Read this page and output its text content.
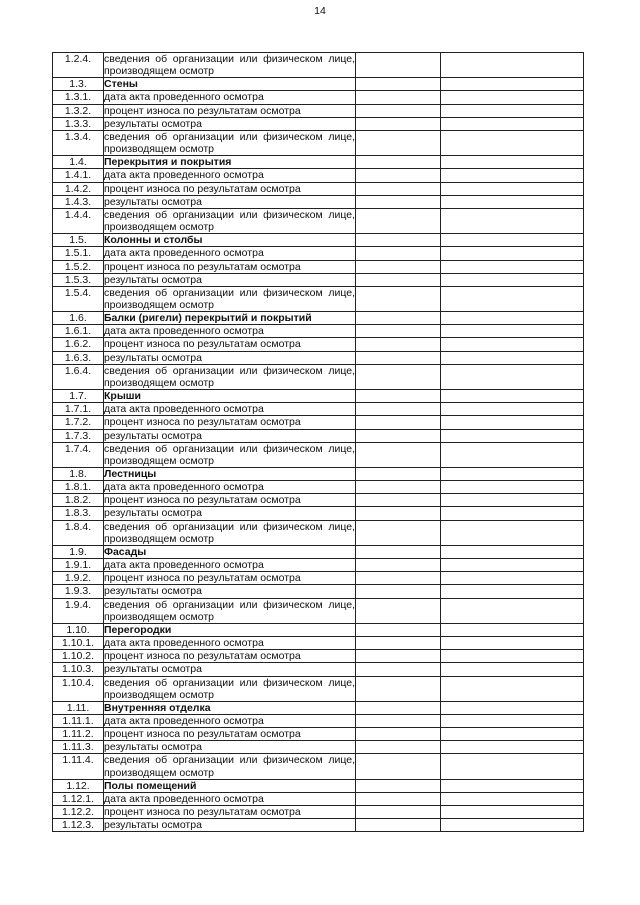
14
1.2.4.	сведения об организации или физическом лице, производящем осмотр		
1.3.	Стены		
1.3.1.	дата акта проведенного осмотра		
1.3.2.	процент износа по результатам осмотра		
1.3.3.	результаты осмотра		
1.3.4.	сведения об организации или физическом лице, производящем осмотр		
1.4.	Перекрытия и покрытия		
1.4.1.	дата акта проведенного осмотра		
1.4.2.	процент износа по результатам осмотра		
1.4.3.	результаты осмотра		
1.4.4.	сведения об организации или физическом лице, производящем осмотр		
1.5.	Колонны и столбы		
1.5.1.	дата акта проведенного осмотра		
1.5.2.	процент износа по результатам осмотра		
1.5.3.	результаты осмотра		
1.5.4.	сведения об организации или физическом лице, производящем осмотр		
1.6.	Балки (ригели) перекрытий и покрытий		
1.6.1.	дата акта проведенного осмотра		
1.6.2.	процент износа по результатам осмотра		
1.6.3.	результаты осмотра		
1.6.4.	сведения об организации или физическом лице, производящем осмотр		
1.7.	Крыши		
1.7.1.	дата акта проведенного осмотра		
1.7.2.	процент износа по результатам осмотра		
1.7.3.	результаты осмотра		
1.7.4.	сведения об организации или физическом лице, производящем осмотр		
1.8.	Лестницы		
1.8.1.	дата акта проведенного осмотра		
1.8.2.	процент износа по результатам осмотра		
1.8.3.	результаты осмотра		
1.8.4.	сведения об организации или физическом лице, производящем осмотр		
1.9.	Фасады		
1.9.1.	дата акта проведенного осмотра		
1.9.2.	процент износа по результатам осмотра		
1.9.3.	результаты осмотра		
1.9.4.	сведения об организации или физическом лице, производящем осмотр		
1.10.	Перегородки		
1.10.1.	дата акта проведенного осмотра		
1.10.2.	процент износа по результатам осмотра		
1.10.3.	результаты осмотра		
1.10.4.	сведения об организации или физическом лице, производящем осмотр		
1.11.	Внутренняя отделка		
1.11.1.	дата акта проведенного осмотра		
1.11.2.	процент износа по результатам осмотра		
1.11.3.	результаты осмотра		
1.11.4.	сведения об организации или физическом лице, производящем осмотр		
1.12.	Полы помещений		
1.12.1.	дата акта проведенного осмотра		
1.12.2.	процент износа по результатам осмотра		
1.12.3.	результаты осмотра		
